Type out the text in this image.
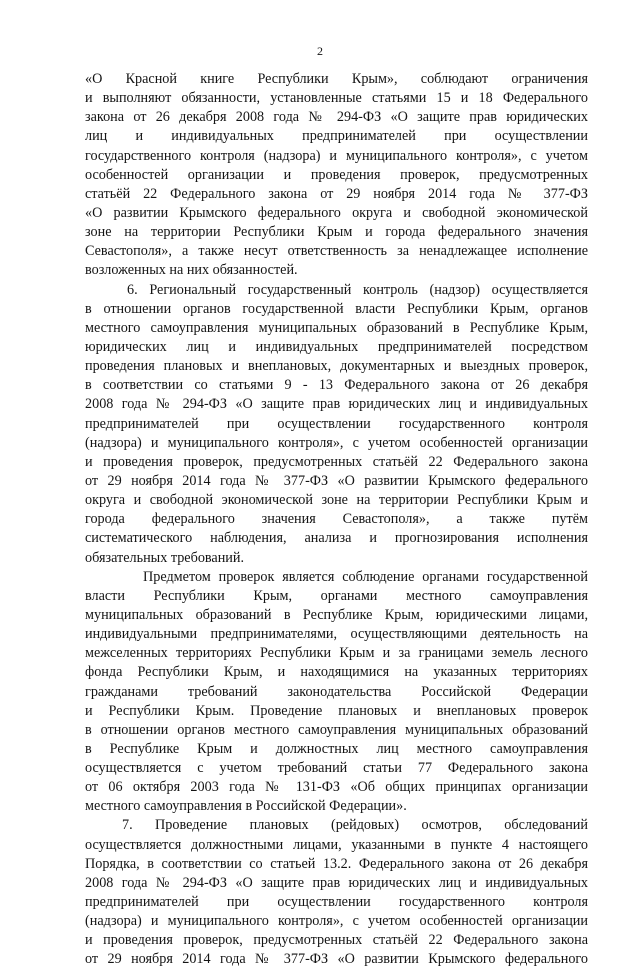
2
«О Красной книге Республики Крым», соблюдают ограничения
и выполняют обязанности, установленные статьями 15 и 18 Федерального
закона от 26 декабря 2008 года № 294-ФЗ «О защите прав юридических
лиц и индивидуальных предпринимателей при осуществлении
государственного контроля (надзора) и муниципального контроля», с учетом
особенностей организации и проведения проверок, предусмотренных
статьёй 22 Федерального закона от 29 ноября 2014 года № 377-ФЗ
«О развитии Крымского федерального округа и свободной экономической
зоне на территории Республики Крым и города федерального значения
Севастополя», а также несут ответственность за ненадлежащее исполнение
возложенных на них обязанностей.
6. Региональный государственный контроль (надзор) осуществляется
в отношении органов государственной власти Республики Крым, органов
местного самоуправления муниципальных образований в Республике Крым,
юридических лиц и индивидуальных предпринимателей посредством
проведения плановых и внеплановых, документарных и выездных проверок,
в соответствии со статьями 9 - 13 Федерального закона от 26 декабря
2008 года № 294-ФЗ «О защите прав юридических лиц и индивидуальных
предпринимателей при осуществлении государственного контроля
(надзора) и муниципального контроля», с учетом особенностей организации
и проведения проверок, предусмотренных статьёй 22 Федерального закона
от 29 ноября 2014 года № 377-ФЗ «О развитии Крымского федерального
округа и свободной экономической зоне на территории Республики Крым и
города федерального значения Севастополя», а также путём
систематического наблюдения, анализа и прогнозирования исполнения
обязательных требований.
Предметом проверок является соблюдение органами государственной
власти Республики Крым, органами местного самоуправления
муниципальных образований в Республике Крым, юридическими лицами,
индивидуальными предпринимателями, осуществляющими деятельность на
межселенных территориях Республики Крым и за границами земель лесного
фонда Республики Крым, и находящимися на указанных территориях
гражданами требований законодательства Российской Федерации
и Республики Крым. Проведение плановых и внеплановых проверок
в отношении органов местного самоуправления муниципальных образований
в Республике Крым и должностных лиц местного самоуправления
осуществляется с учетом требований статьи 77 Федерального закона
от 06 октября 2003 года № 131-ФЗ «Об общих принципах организации
местного самоуправления в Российской Федерации».
7. Проведение плановых (рейдовых) осмотров, обследований
осуществляется должностными лицами, указанными в пункте 4 настоящего
Порядка, в соответствии со статьей 13.2. Федерального закона от 26 декабря
2008 года № 294-ФЗ «О защите прав юридических лиц и индивидуальных
предпринимателей при осуществлении государственного контроля
(надзора) и муниципального контроля», с учетом особенностей организации
и проведения проверок, предусмотренных статьёй 22 Федерального закона
от 29 ноября 2014 года № 377-ФЗ «О развитии Крымского федерального
